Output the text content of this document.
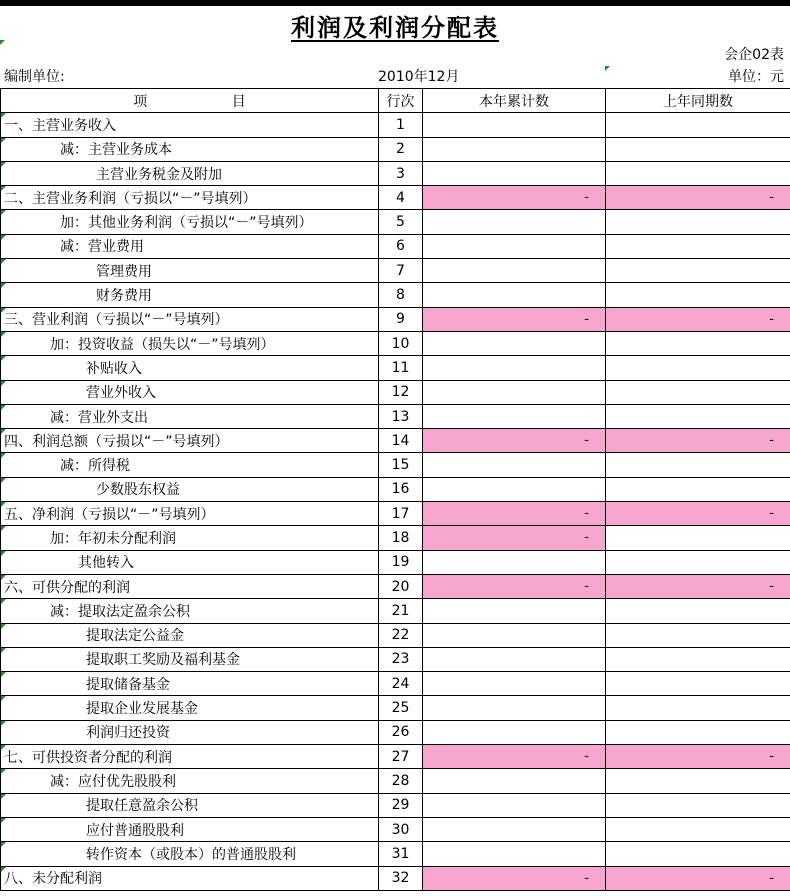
利润及利润分配表
会企02表
编制单位:	2010年12月	单位：元
项 目	行次	本年累计数	上年同期数
一、主营业务收入	1		
减：主营业务成本	2		
主营业务税金及附加	3		
二、主营业务利润（亏损以“－”号填列）	4	-	-
加：其他业务利润（亏损以“－”号填列）	5		
减：营业费用	6		
管理费用	7		
财务费用	8		
三、营业利润（亏损以“－”号填列）	9	-	-
加：投资收益（损失以“－”号填列）	10		
补贴收入	11		
营业外收入	12		
减：营业外支出	13		
四、利润总额（亏损以“－”号填列）	14	-	-
减：所得税	15		
少数股东权益	16		
五、净利润（亏损以“－”号填列）	17	-	-
加：年初未分配利润	18	-	
其他转入	19		
六、可供分配的利润	20	-	-
减：提取法定盈余公积	21		
提取法定公益金	22		
提取职工奖励及福利基金	23		
提取储备基金	24		
提取企业发展基金	25		
利润归还投资	26		
七、可供投资者分配的利润	27	-	-
减：应付优先股股利	28		
提取任意盈余公积	29		
应付普通股股利	30		
转作资本（或股本）的普通股股利	31		
八、未分配利润	32	-	-
